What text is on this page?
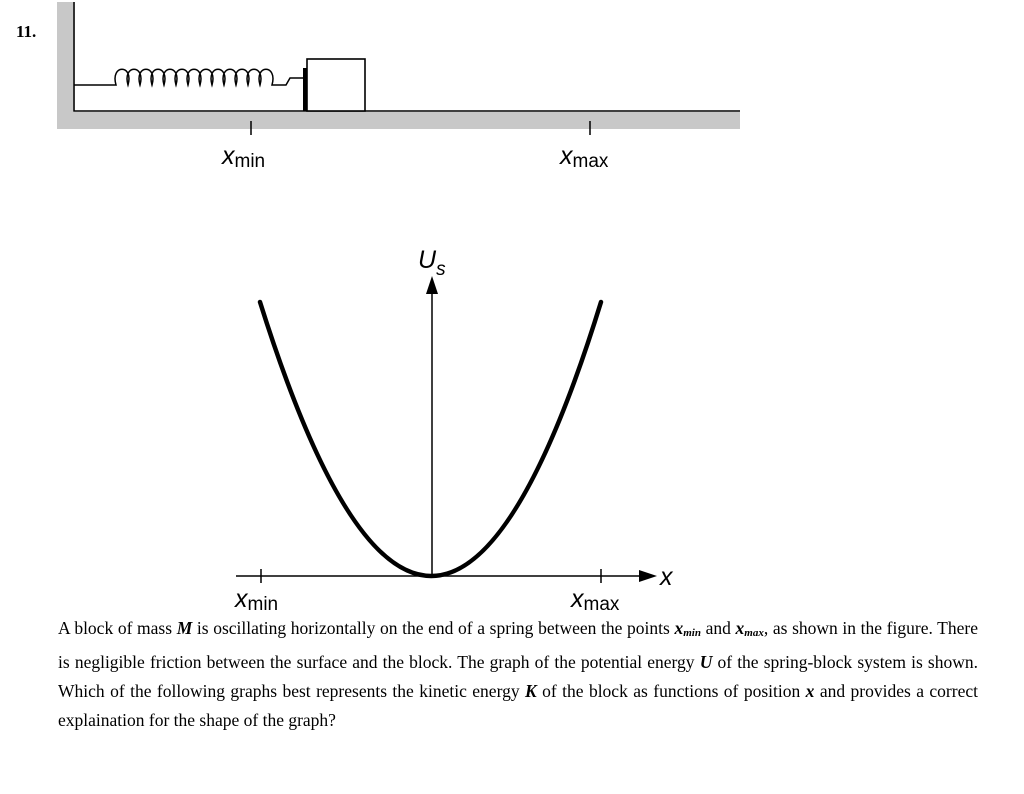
11.
xmin	xmax
$U_s$
x
xmin	xmax
A block of mass M is oscillating horizontally on the end of a spring between the points xmin and xmax, as shown in the figure. There is negligible friction between the surface and the block. The graph of the potential energy U of the spring-block system is shown. Which of the following graphs best represents the kinetic energy K of the block as functions of position x and provides a correct explaination for the shape of the graph?
